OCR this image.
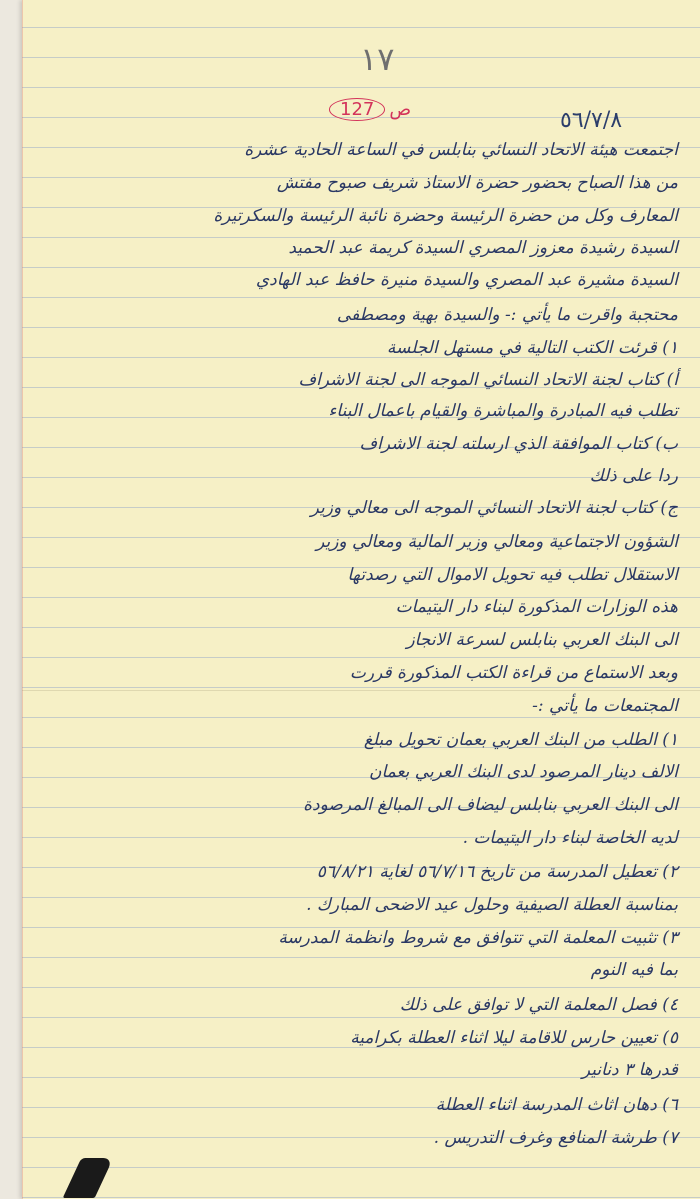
١٧
ص127	٥٦/٧/٨
اجتمعت هيئة الاتحاد النسائي بنابلس في الساعة الحادية عشرة
من هذا الصباح بحضور حضرة الاستاذ شريف صبوح مفتش
المعارف وكل من حضرة الرئيسة وحضرة نائبة الرئيسة والسكرتيرة
السيدة رشيدة معزوز المصري السيدة كريمة عبد الحميد
السيدة مشيرة عبد المصري والسيدة منيرة حافظ عبد الهادي
محتجبة واقرت ما يأتي :- والسيدة بهية ومصطفى
١) قرئت الكتب التالية في مستهل الجلسة
أ) كتاب لجنة الاتحاد النسائي الموجه الى لجنة الاشراف
تطلب فيه المبادرة والمباشرة والقيام باعمال البناء
ب) كتاب الموافقة الذي ارسلته لجنة الاشراف
ردا على ذلك
ج) كتاب لجنة الاتحاد النسائي الموجه الى معالي وزير
الشؤون الاجتماعية ومعالي وزير المالية ومعالي وزير
الاستقلال تطلب فيه تحويل الاموال التي رصدتها
هذه الوزارات المذكورة لبناء دار اليتيمات
الى البنك العربي بنابلس لسرعة الانجاز
وبعد الاستماع من قراءة الكتب المذكورة قررت
المجتمعات ما يأتي :-
١) الطلب من البنك العربي بعمان تحويل مبلغ
الالف دينار المرصود لدى البنك العربي بعمان
الى البنك العربي بنابلس ليضاف الى المبالغ المرصودة
لديه الخاصة لبناء دار اليتيمات .
٢) تعطيل المدرسة من تاريخ ٥٦/٧/١٦ لغاية ٥٦/٨/٢١
بمناسبة العطلة الصيفية وحلول عيد الاضحى المبارك .
٣) تثبيت المعلمة التي تتوافق مع شروط وانظمة المدرسة
بما فيه النوم
٤) فصل المعلمة التي لا توافق على ذلك
٥) تعيين حارس للاقامة ليلا اثناء العطلة بكرامية
قدرها ٣ دنانير
٦) دهان اثاث المدرسة اثناء العطلة
٧) طرشة المنافع وغرف التدريس .
